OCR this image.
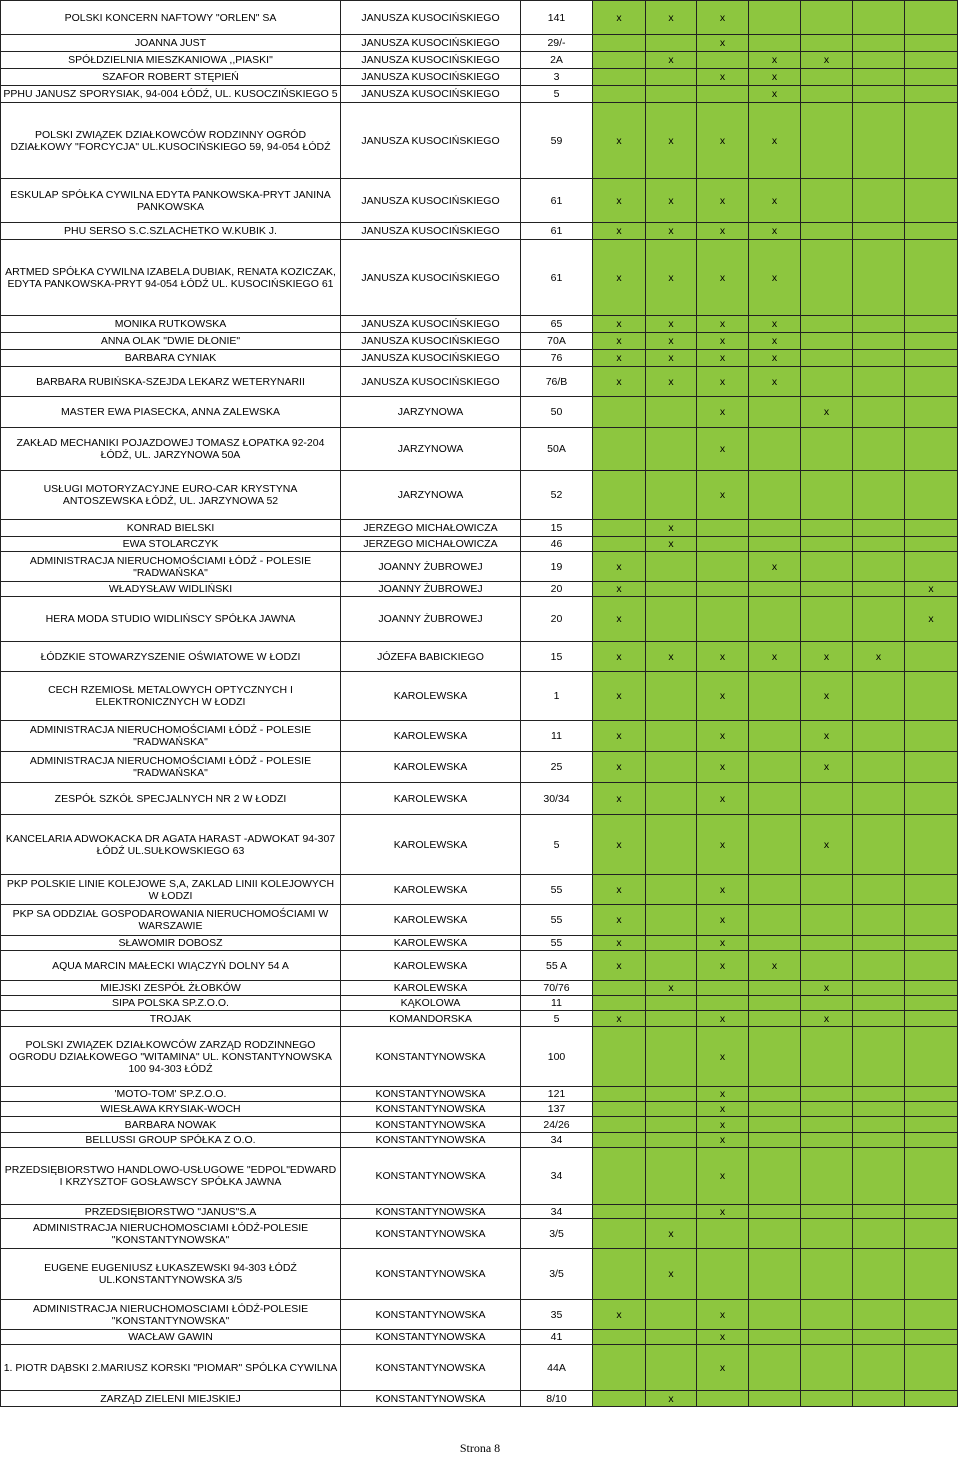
POLSKI KONCERN NAFTOWY "ORLEN" SA	JANUSZA KUSOCIŃSKIEGO	141	x	x	x				
JOANNA JUST	JANUSZA KUSOCIŃSKIEGO	29/-			x				
SPÓŁDZIELNIA MIESZKANIOWA ,,PIASKI"	JANUSZA KUSOCIŃSKIEGO	2A		x		x	x		
SZAFOR ROBERT STĘPIEŃ	JANUSZA KUSOCIŃSKIEGO	3			x	x			
PPHU JANUSZ SPORYSIAK, 94-004 ŁÓDŹ, UL. KUSOCZIŃSKIEGO 5	JANUSZA KUSOCIŃSKIEGO	5				x			
POLSKI ZWIĄZEK DZIAŁKOWCÓW RODZINNY OGRÓD DZIAŁKOWY "FORCYCJA" UL.KUSOCIŃSKIEGO 59, 94-054 ŁÓDŹ	JANUSZA KUSOCIŃSKIEGO	59	x	x	x	x			
ESKULAP SPÓŁKA CYWILNA EDYTA PANKOWSKA-PRYT JANINA PANKOWSKA	JANUSZA KUSOCIŃSKIEGO	61	x	x	x	x			
PHU SERSO S.C.SZLACHETKO W.KUBIK J.	JANUSZA KUSOCIŃSKIEGO	61	x	x	x	x			
ARTMED SPÓŁKA CYWILNA IZABELA DUBIAK, RENATA KOZICZAK, EDYTA PANKOWSKA-PRYT 94-054 ŁÓDŹ UL. KUSOCIŃSKIEGO 61	JANUSZA KUSOCIŃSKIEGO	61	x	x	x	x			
MONIKA RUTKOWSKA	JANUSZA KUSOCIŃSKIEGO	65	x	x	x	x			
ANNA OLAK "DWIE DŁONIE"	JANUSZA KUSOCIŃSKIEGO	70A	x	x	x	x			
BARBARA CYNIAK	JANUSZA KUSOCIŃSKIEGO	76	x	x	x	x			
BARBARA RUBIŃSKA-SZEJDA LEKARZ WETERYNARII	JANUSZA KUSOCIŃSKIEGO	76/B	x	x	x	x			
MASTER EWA PIASECKA, ANNA ZALEWSKA	JARZYNOWA	50			x		x		
ZAKŁAD MECHANIKI POJAZDOWEJ TOMASZ ŁOPATKA 92-204 ŁÓDŹ, UL. JARZYNOWA 50A	JARZYNOWA	50A			x				
USŁUGI MOTORYZACYJNE EURO-CAR KRYSTYNA ANTOSZEWSKA ŁÓDŹ, UL. JARZYNOWA 52	JARZYNOWA	52			x				
KONRAD BIELSKI	JERZEGO MICHAŁOWICZA	15		x					
EWA STOLARCZYK	JERZEGO MICHAŁOWICZA	46		x					
ADMINISTRACJA NIERUCHOMOŚCIAMI ŁÓDŹ - POLESIE "RADWAŃSKA"	JOANNY ŻUBROWEJ	19	x			x			
WŁADYSŁAW WIDLIŃSKI	JOANNY ŻUBROWEJ	20	x						x
HERA MODA STUDIO WIDLIŃSCY SPÓŁKA JAWNA	JOANNY ŻUBROWEJ	20	x						x
ŁÓDZKIE STOWARZYSZENIE OŚWIATOWE W ŁODZI	JÓZEFA BABICKIEGO	15	x	x	x	x	x	x	
CECH RZEMIOSŁ METALOWYCH OPTYCZNYCH I ELEKTRONICZNYCH W ŁODZI	KAROLEWSKA	1	x		x		x		
ADMINISTRACJA NIERUCHOMOŚCIAMI ŁÓDŹ - POLESIE "RADWAŃSKA"	KAROLEWSKA	11	x		x		x		
ADMINISTRACJA NIERUCHOMOŚCIAMI ŁÓDŹ - POLESIE "RADWAŃSKA"	KAROLEWSKA	25	x		x		x		
ZESPÓŁ SZKÓŁ SPECJALNYCH NR 2 W ŁODZI	KAROLEWSKA	30/34	x		x				
KANCELARIA ADWOKACKA DR AGATA HARAST -ADWOKAT 94-307 ŁÓDŹ UL.SUŁKOWSKIEGO 63	KAROLEWSKA	5	x		x		x		
PKP POLSKIE LINIE KOLEJOWE S,A, ZAKLAD LINII KOLEJOWYCH W ŁODZI	KAROLEWSKA	55	x		x				
PKP SA ODDZIAŁ GOSPODAROWANIA NIERUCHOMOŚCIAMI W WARSZAWIE	KAROLEWSKA	55	x		x				
SŁAWOMIR DOBOSZ	KAROLEWSKA	55	x		x				
AQUA MARCIN MAŁECKI WIĄCZYŃ DOLNY 54 A	KAROLEWSKA	55 A	x		x	x			
MIEJSKI ZESPÓŁ ŻŁOBKÓW	KAROLEWSKA	70/76		x			x		
SIPA POLSKA SP.Z.O.O.	KĄKOLOWA	11							
TROJAK	KOMANDORSKA	5	x		x		x		
POLSKI ZWIĄZEK DZIAŁKOWCÓW ZARZĄD RODZINNEGO OGRODU DZIAŁKOWEGO "WITAMINA" UL. KONSTANTYNOWSKA 100 94-303 ŁÓDŹ	KONSTANTYNOWSKA	100			x				
'MOTO-TOM' SP.Z.O.O.	KONSTANTYNOWSKA	121			x				
WIESŁAWA KRYSIAK-WOCH	KONSTANTYNOWSKA	137			x				
BARBARA NOWAK	KONSTANTYNOWSKA	24/26			x				
BELLUSSI GROUP SPÓŁKA Z O.O.	KONSTANTYNOWSKA	34			x				
PRZEDSIĘBIORSTWO HANDLOWO-USŁUGOWE "EDPOL"EDWARD I KRZYSZTOF GOSŁAWSCY SPÓŁKA JAWNA	KONSTANTYNOWSKA	34			x				
PRZEDSIĘBIORSTWO "JANUS"S.A	KONSTANTYNOWSKA	34			x				
ADMINISTRACJA NIERUCHOMOSCIAMI ŁÓDŹ-POLESIE "KONSTANTYNOWSKA"	KONSTANTYNOWSKA	3/5		x					
EUGENE EUGENIUSZ ŁUKASZEWSKI 94-303 ŁÓDŹ UL.KONSTANTYNOWSKA 3/5	KONSTANTYNOWSKA	3/5		x					
ADMINISTRACJA NIERUCHOMOSCIAMI ŁÓDŹ-POLESIE "KONSTANTYNOWSKA"	KONSTANTYNOWSKA	35	x		x				
WACŁAW GAWIN	KONSTANTYNOWSKA	41			x				
1. PIOTR DĄBSKI 2.MARIUSZ KORSKI "PIOMAR" SPÓLKA CYWILNA	KONSTANTYNOWSKA	44A			x				
ZARZĄD ZIELENI MIEJSKIEJ	KONSTANTYNOWSKA	8/10		x					
Strona 8
